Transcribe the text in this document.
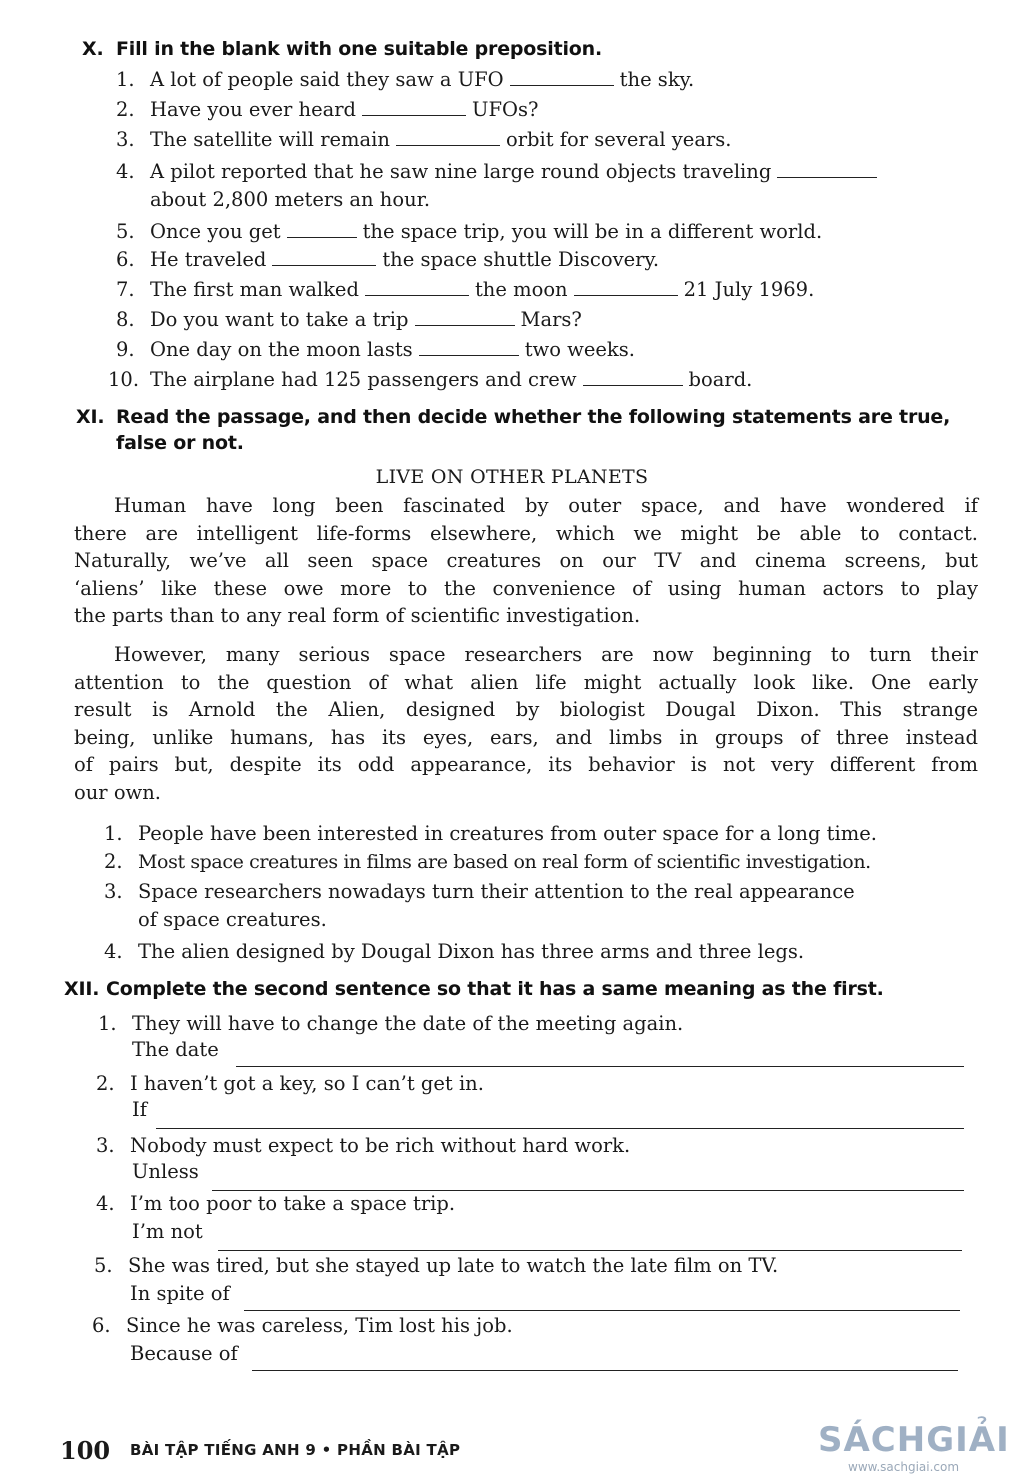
X. Fill in the blank with one suitable preposition.
1. A lot of people said they saw a UFO	the sky.
2. Have you ever heard	UFOs?
3. The satellite will remain	orbit for several years.
4. A pilot reported that he saw nine large round objects traveling
about 2,800 meters an hour.
5. Once you get	the space trip, you will be in a different world.
6. He traveled	the space shuttle Discovery.
7. The first man walked	the moon	21 July 1969.
8. Do you want to take a trip	Mars?
9. One day on the moon lasts	two weeks.
10. The airplane had 125 passengers and crew	board.
XI. Read the passage, and then decide whether the following statements are true,
false or not.
LIVE ON OTHER PLANETS
Human have long been fascinated by outer space, and have wondered if
there are intelligent life-forms elsewhere, which we might be able to contact.
Naturally, we’ve all seen space creatures on our TV and cinema screens, but
‘aliens’ like these owe more to the convenience of using human actors to play
the parts than to any real form of scientific investigation.
However, many serious space researchers are now beginning to turn their
attention to the question of what alien life might actually look like. One early
result is Arnold the Alien, designed by biologist Dougal Dixon. This strange
being, unlike humans, has its eyes, ears, and limbs in groups of three instead
of pairs but, despite its odd appearance, its behavior is not very different from
our own.
1. People have been interested in creatures from outer space for a long time.
2. Most space creatures in films are based on real form of scientific investigation.
3. Space researchers nowadays turn their attention to the real appearance
of space creatures.
4. The alien designed by Dougal Dixon has three arms and three legs.
XII. Complete the second sentence so that it has a same meaning as the first.
1. They will have to change the date of the meeting again.
The date
2. I haven’t got a key, so I can’t get in.
If
3. Nobody must expect to be rich without hard work.
Unless
4. I’m too poor to take a space trip.
I’m not
5. She was tired, but she stayed up late to watch the late film on TV.
In spite of
6. Since he was careless, Tim lost his job.
Because of
100 BÀI TẬP TIẾNG ANH 9 • PHẦN BÀI TẬP	SÁCHGIẢI
www.sachgiai.com
